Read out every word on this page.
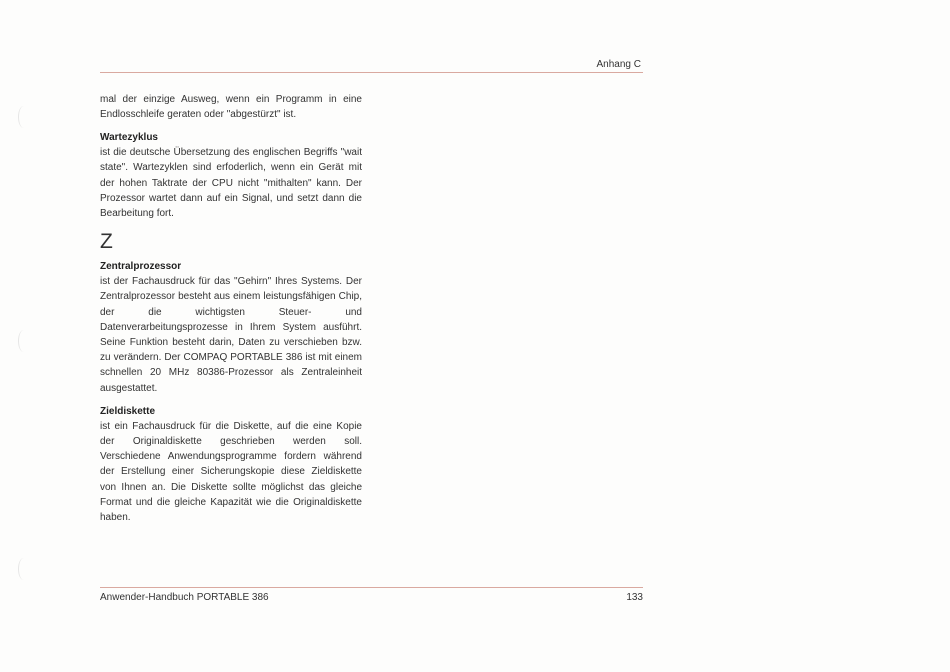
Anhang C

mal der einzige Ausweg, wenn ein Programm in eine Endlosschleife geraten oder "abgestürzt" ist.

Wartezyklus

ist die deutsche Übersetzung des englischen Begriffs "wait state". Wartezyklen sind erfoderlich, wenn ein Gerät mit der hohen Taktrate der CPU nicht "mithalten" kann. Der Prozessor wartet dann auf ein Signal, und setzt dann die Bearbeitung fort.

Z

Zentralprozessor

ist der Fachausdruck für das "Gehirn" Ihres Systems. Der Zentralprozessor besteht aus einem leistungsfähigen Chip, der die wichtigsten Steuer- und Datenverarbeitungsprozesse in Ihrem System ausführt. Seine Funktion besteht darin, Daten zu verschieben bzw. zu verändern. Der COMPAQ PORTABLE 386 ist mit einem schnellen 20 MHz 80386-Prozessor als Zentraleinheit ausgestattet.

Zieldiskette

ist ein Fachausdruck für die Diskette, auf die eine Kopie der Originaldiskette geschrieben werden soll. Verschiedene Anwendungsprogramme fordern während der Erstellung einer Sicherungskopie diese Zieldiskette von Ihnen an. Die Diskette sollte möglichst das gleiche Format und die gleiche Kapazität wie die Originaldiskette haben.

Anwender-Handbuch PORTABLE 386	133
